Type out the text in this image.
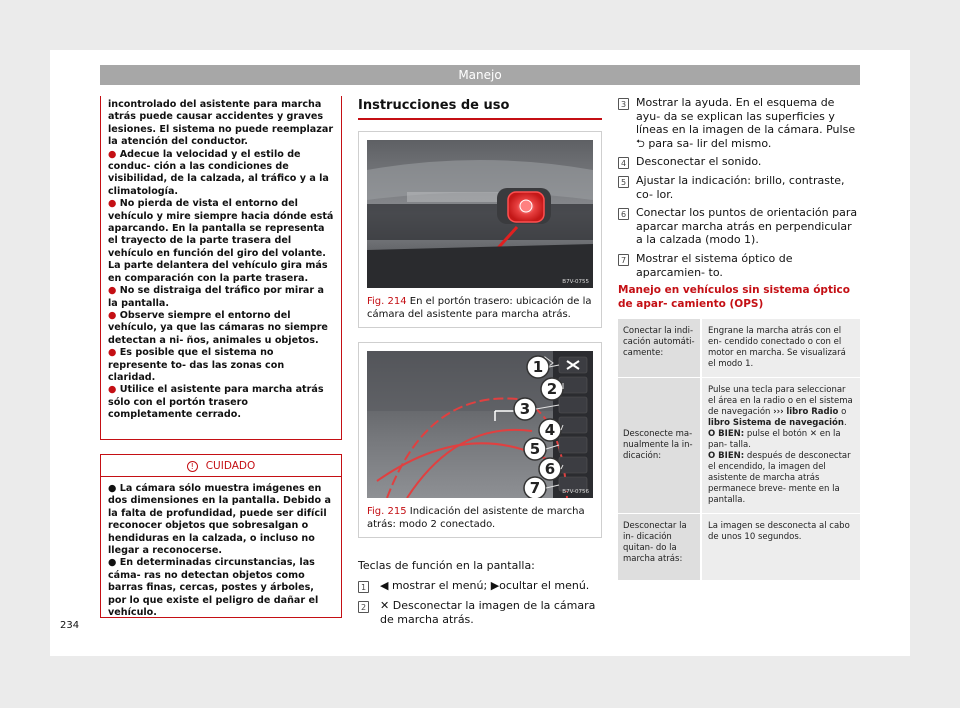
Manejo
incontrolado del asistente para marcha atrás puede causar accidentes y graves lesiones. El sistema no puede reemplazar la atención del conductor.
● Adecue la velocidad y el estilo de conduc- ción a las condiciones de visibilidad, de la calzada, al tráfico y a la climatología.
● No pierda de vista el entorno del vehículo y mire siempre hacia dónde está aparcando. En la pantalla se representa el trayecto de la parte trasera del vehículo en función del giro del volante. La parte delantera del vehículo gira más en comparación con la parte trasera.
● No se distraiga del tráfico por mirar a la pantalla.
● Observe siempre el entorno del vehículo, ya que las cámaras no siempre detectan a ni- ños, animales u objetos.
● Es posible que el sistema no represente to- das las zonas con claridad.
● Utilice el asistente para marcha atrás sólo con el portón trasero completamente cerrado.
! CUIDADO
● La cámara sólo muestra imágenes en dos dimensiones en la pantalla. Debido a la falta de profundidad, puede ser difícil reconocer objetos que sobresalgan o hendiduras en la calzada, o incluso no llegar a reconocerse.
● En determinadas circunstancias, las cáma- ras no detectan objetos como barras finas, cercas, postes y árboles, por lo que existe el peligro de dañar el vehículo.
Instrucciones de uso
B7V-0755
Fig. 214 En el portón trasero: ubicación de la cámara del asistente para marcha atrás.
1
2
3
4
5
6
7	B7V-0756
Fig. 215 Indicación del asistente de marcha atrás: modo 2 conectado.
Teclas de función en la pantalla:
1 ◀ mostrar el menú; ▶ocultar el menú.
2 ✕ Desconectar la imagen de la cámara de marcha atrás.
3 Mostrar la ayuda. En el esquema de ayu- da se explican las superficies y líneas en la imagen de la cámara. Pulse ⮌ para sa- lir del mismo.
4 Desconectar el sonido.
5 Ajustar la indicación: brillo, contraste, co- lor.
6 Conectar los puntos de orientación para aparcar marcha atrás en perpendicular a la calzada (modo 1).
7 Mostrar el sistema óptico de aparcamien- to.
Manejo en vehículos sin sistema óptico de apar- camiento (OPS)
Conectar la indi- cación automáti- camente:
Engrane la marcha atrás con el en- cendido conectado o con el motor en marcha. Se visualizará el modo 1.
Desconecte ma- nualmente la in- dicación:
Pulse una tecla para seleccionar el área en la radio o en el sistema de navegación ››› libro Radio o libro Sistema de navegación.
O BIEN: pulse el botón ✕ en la pan- talla.
O BIEN: después de desconectar el encendido, la imagen del asistente de marcha atrás permanece breve- mente en la pantalla.
Desconectar la in- dicación quitan- do la marcha atrás:
La imagen se desconecta al cabo de unos 10 segundos.
234
